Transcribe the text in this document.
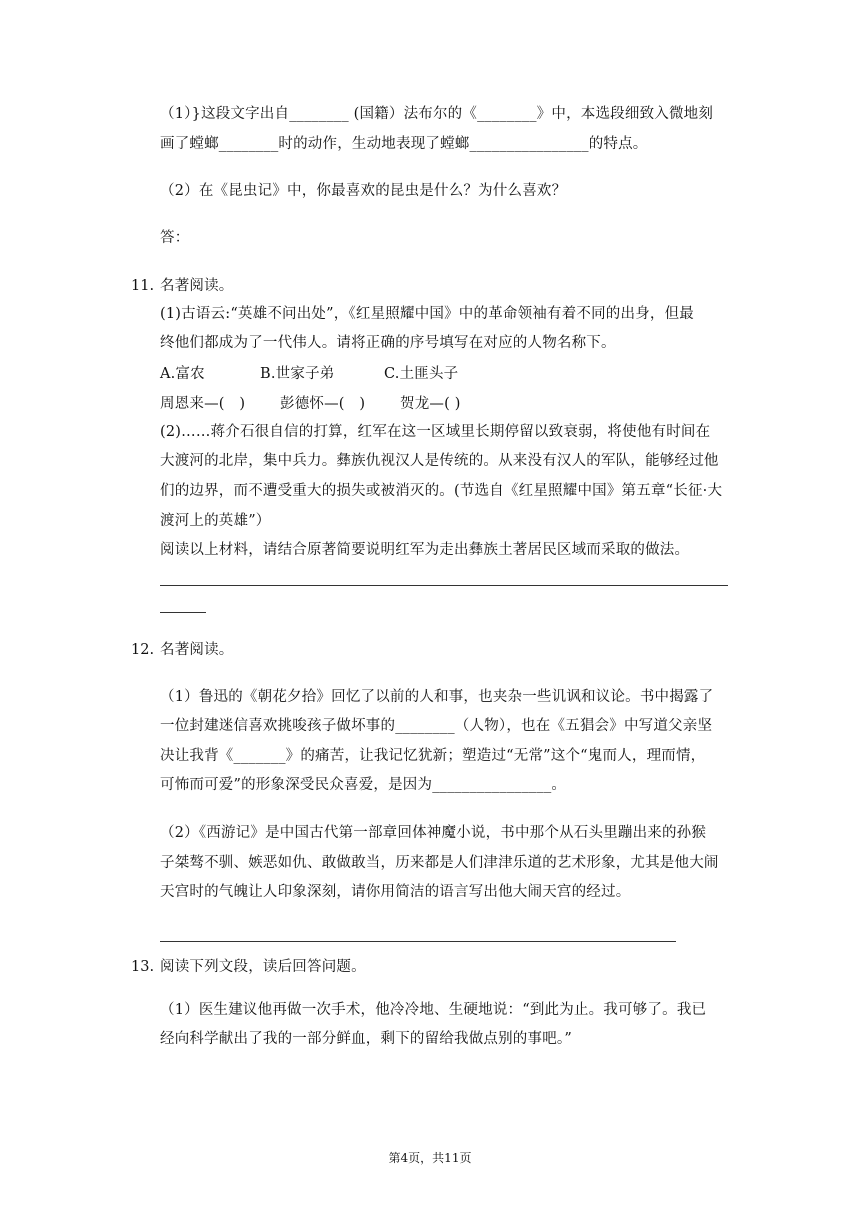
（1）}这段文字出自________ (国籍）法布尔的《________》中，本选段细致入微地刻
画了螳螂________时的动作，生动地表现了螳螂________________的特点。
（2）在《昆虫记》中，你最喜欢的昆虫是什么？为什么喜欢？
答：
11. 名著阅读。
(1)古语云:“英雄不问出处”，《红星照耀中国》中的革命领袖有着不同的出身，但最
终他们都成为了一代伟人。请将正确的序号填写在对应的人物名称下。
A.富农	B.世家子弟	C.土匪头子
周恩来—(　) 彭德怀—(　) 贺龙—( )
(2)……蒋介石很自信的打算，红军在这一区域里长期停留以致衰弱，将使他有时间在
大渡河的北岸，集中兵力。彝族仇视汉人是传统的。从来没有汉人的军队，能够经过他
们的边界，而不遭受重大的损失或被消灭的。(节选自《红星照耀中国》第五章“长征·大
渡河上的英雄”）
阅读以上材料，请结合原著简要说明红军为走出彝族土著居民区域而采取的做法。
12. 名著阅读。
（1）鲁迅的《朝花夕拾》回忆了以前的人和事，也夹杂一些讥讽和议论。书中揭露了
一位封建迷信喜欢挑唆孩子做坏事的________（人物），也在《五猖会》中写道父亲坚
决让我背《_______》的痛苦，让我记忆犹新；塑造过“无常”这个“鬼而人，理而情，
可怖而可爱”的形象深受民众喜爱，是因为________________。
（2）《西游记》是中国古代第一部章回体神魔小说，书中那个从石头里蹦出来的孙猴
子桀骜不驯、嫉恶如仇、敢做敢当，历来都是人们津津乐道的艺术形象，尤其是他大闹
天宫时的气魄让人印象深刻，请你用简洁的语言写出他大闹天宫的经过。
13. 阅读下列文段，读后回答问题。
（1）医生建议他再做一次手术，他冷冷地、生硬地说：“到此为止。我可够了。我已
经向科学献出了我的一部分鲜血，剩下的留给我做点别的事吧。”
第4页，共11页
